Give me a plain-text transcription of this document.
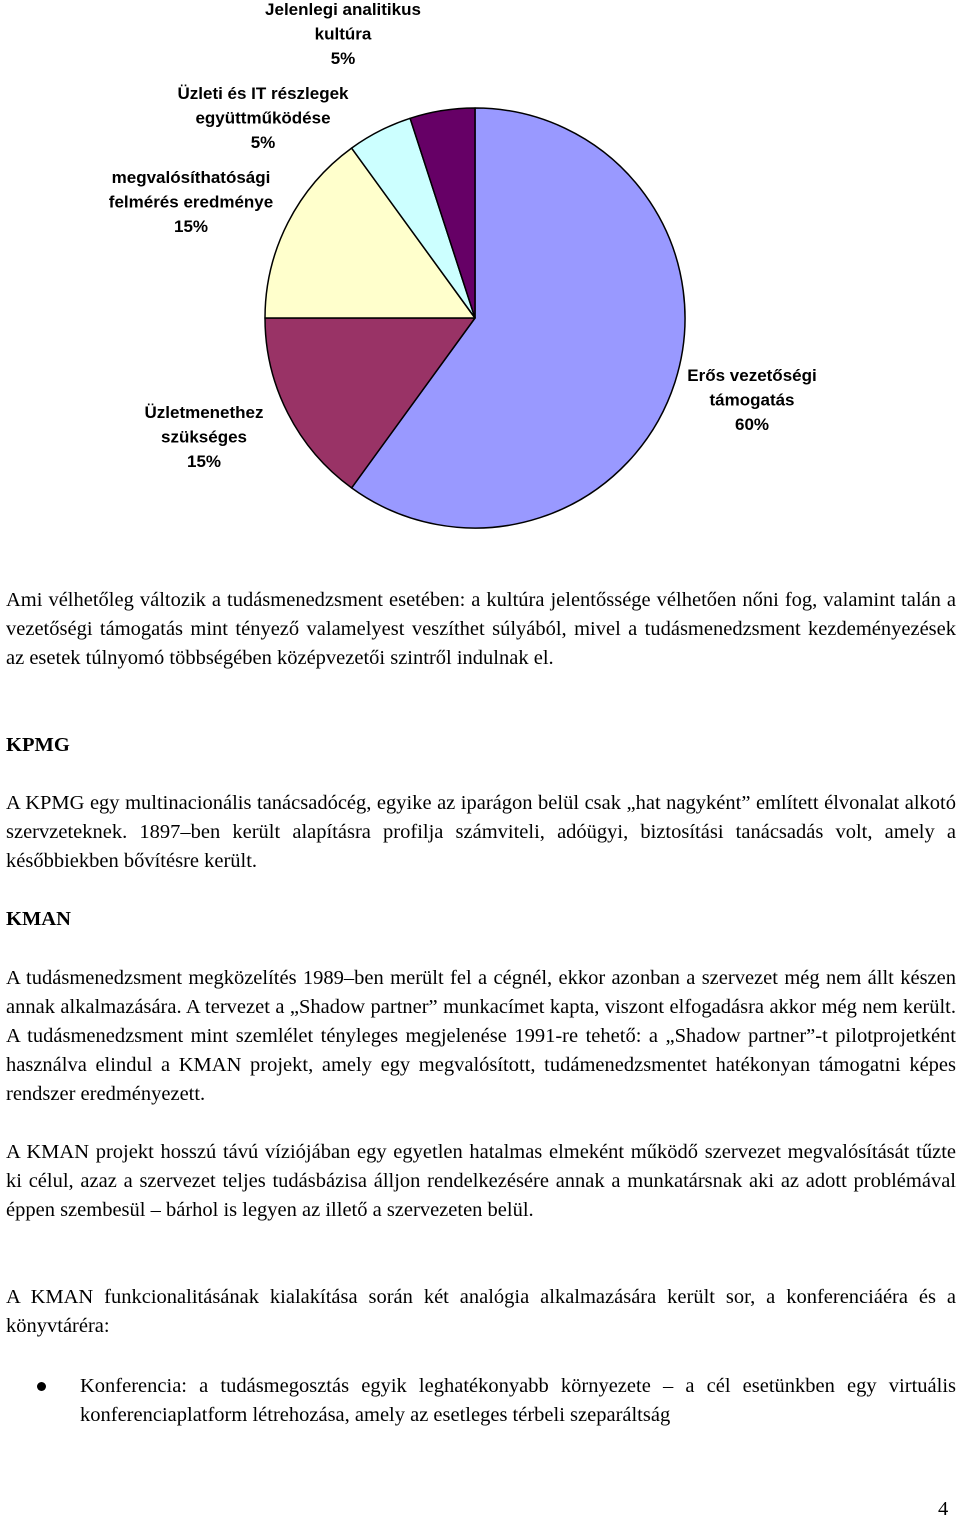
Erős vezetőségi támogatás 60%
Üzletmenethez szükséges 15%
megvalósíthatósági felmérés eredménye 15%
Üzleti és IT részlegek együttműködése 5%
Jelenlegi analitikus kultúra 5%

Ami vélhetőleg változik a tudásmenedzsment esetében: a kultúra jelentőssége vélhetően nőni fog, valamint talán a vezetőségi támogatás mint tényező valamelyest veszíthet súlyából, mivel a tudásmenedzsment kezdeményezések az esetek túlnyomó többségében középvezetői szintről indulnak el.

KPMG
A KPMG egy multinacionális tanácsadócég, egyike az iparágon belül csak „hat nagyként” említett élvonalat alkotó szervzeteknek. 1897–ben került alapításra profilja számviteli, adóügyi, biztosítási tanácsadás volt, amely a későbbiekben bővítésre került.
KMAN
A tudásmenedzsment megközelítés 1989–ben merült fel a cégnél, ekkor azonban a szervezet még nem állt készen annak alkalmazására. A tervezet a „Shadow partner” munkacímet kapta, viszont elfogadásra akkor még nem került. A tudásmenedzsment mint szemlélet tényleges megjelenése 1991-re tehető: a „Shadow partner”-t pilotprojetként használva elindul a KMAN projekt, amely egy megvalósított, tudámenedzsmentet hatékonyan támogatni képes rendszer eredményezett.
A KMAN projekt hosszú távú víziójában egy egyetlen hatalmas elmeként működő szervezet megvalósítását tűzte ki célul, azaz a szervezet teljes tudásbázisa álljon rendelkezésére annak a munkatársnak aki az adott problémával éppen szembesül – bárhol is legyen az illető a szervezeten belül.
A KMAN funkcionalitásának kialakítása során két analógia alkalmazására került sor, a konferenciáéra és a könyvtáréra:
Konferencia: a tudásmegosztás egyik leghatékonyabb környezete – a cél esetünkben egy virtuális konferenciaplatform létrehozása, amely az esetleges térbeli szeparáltság
4
